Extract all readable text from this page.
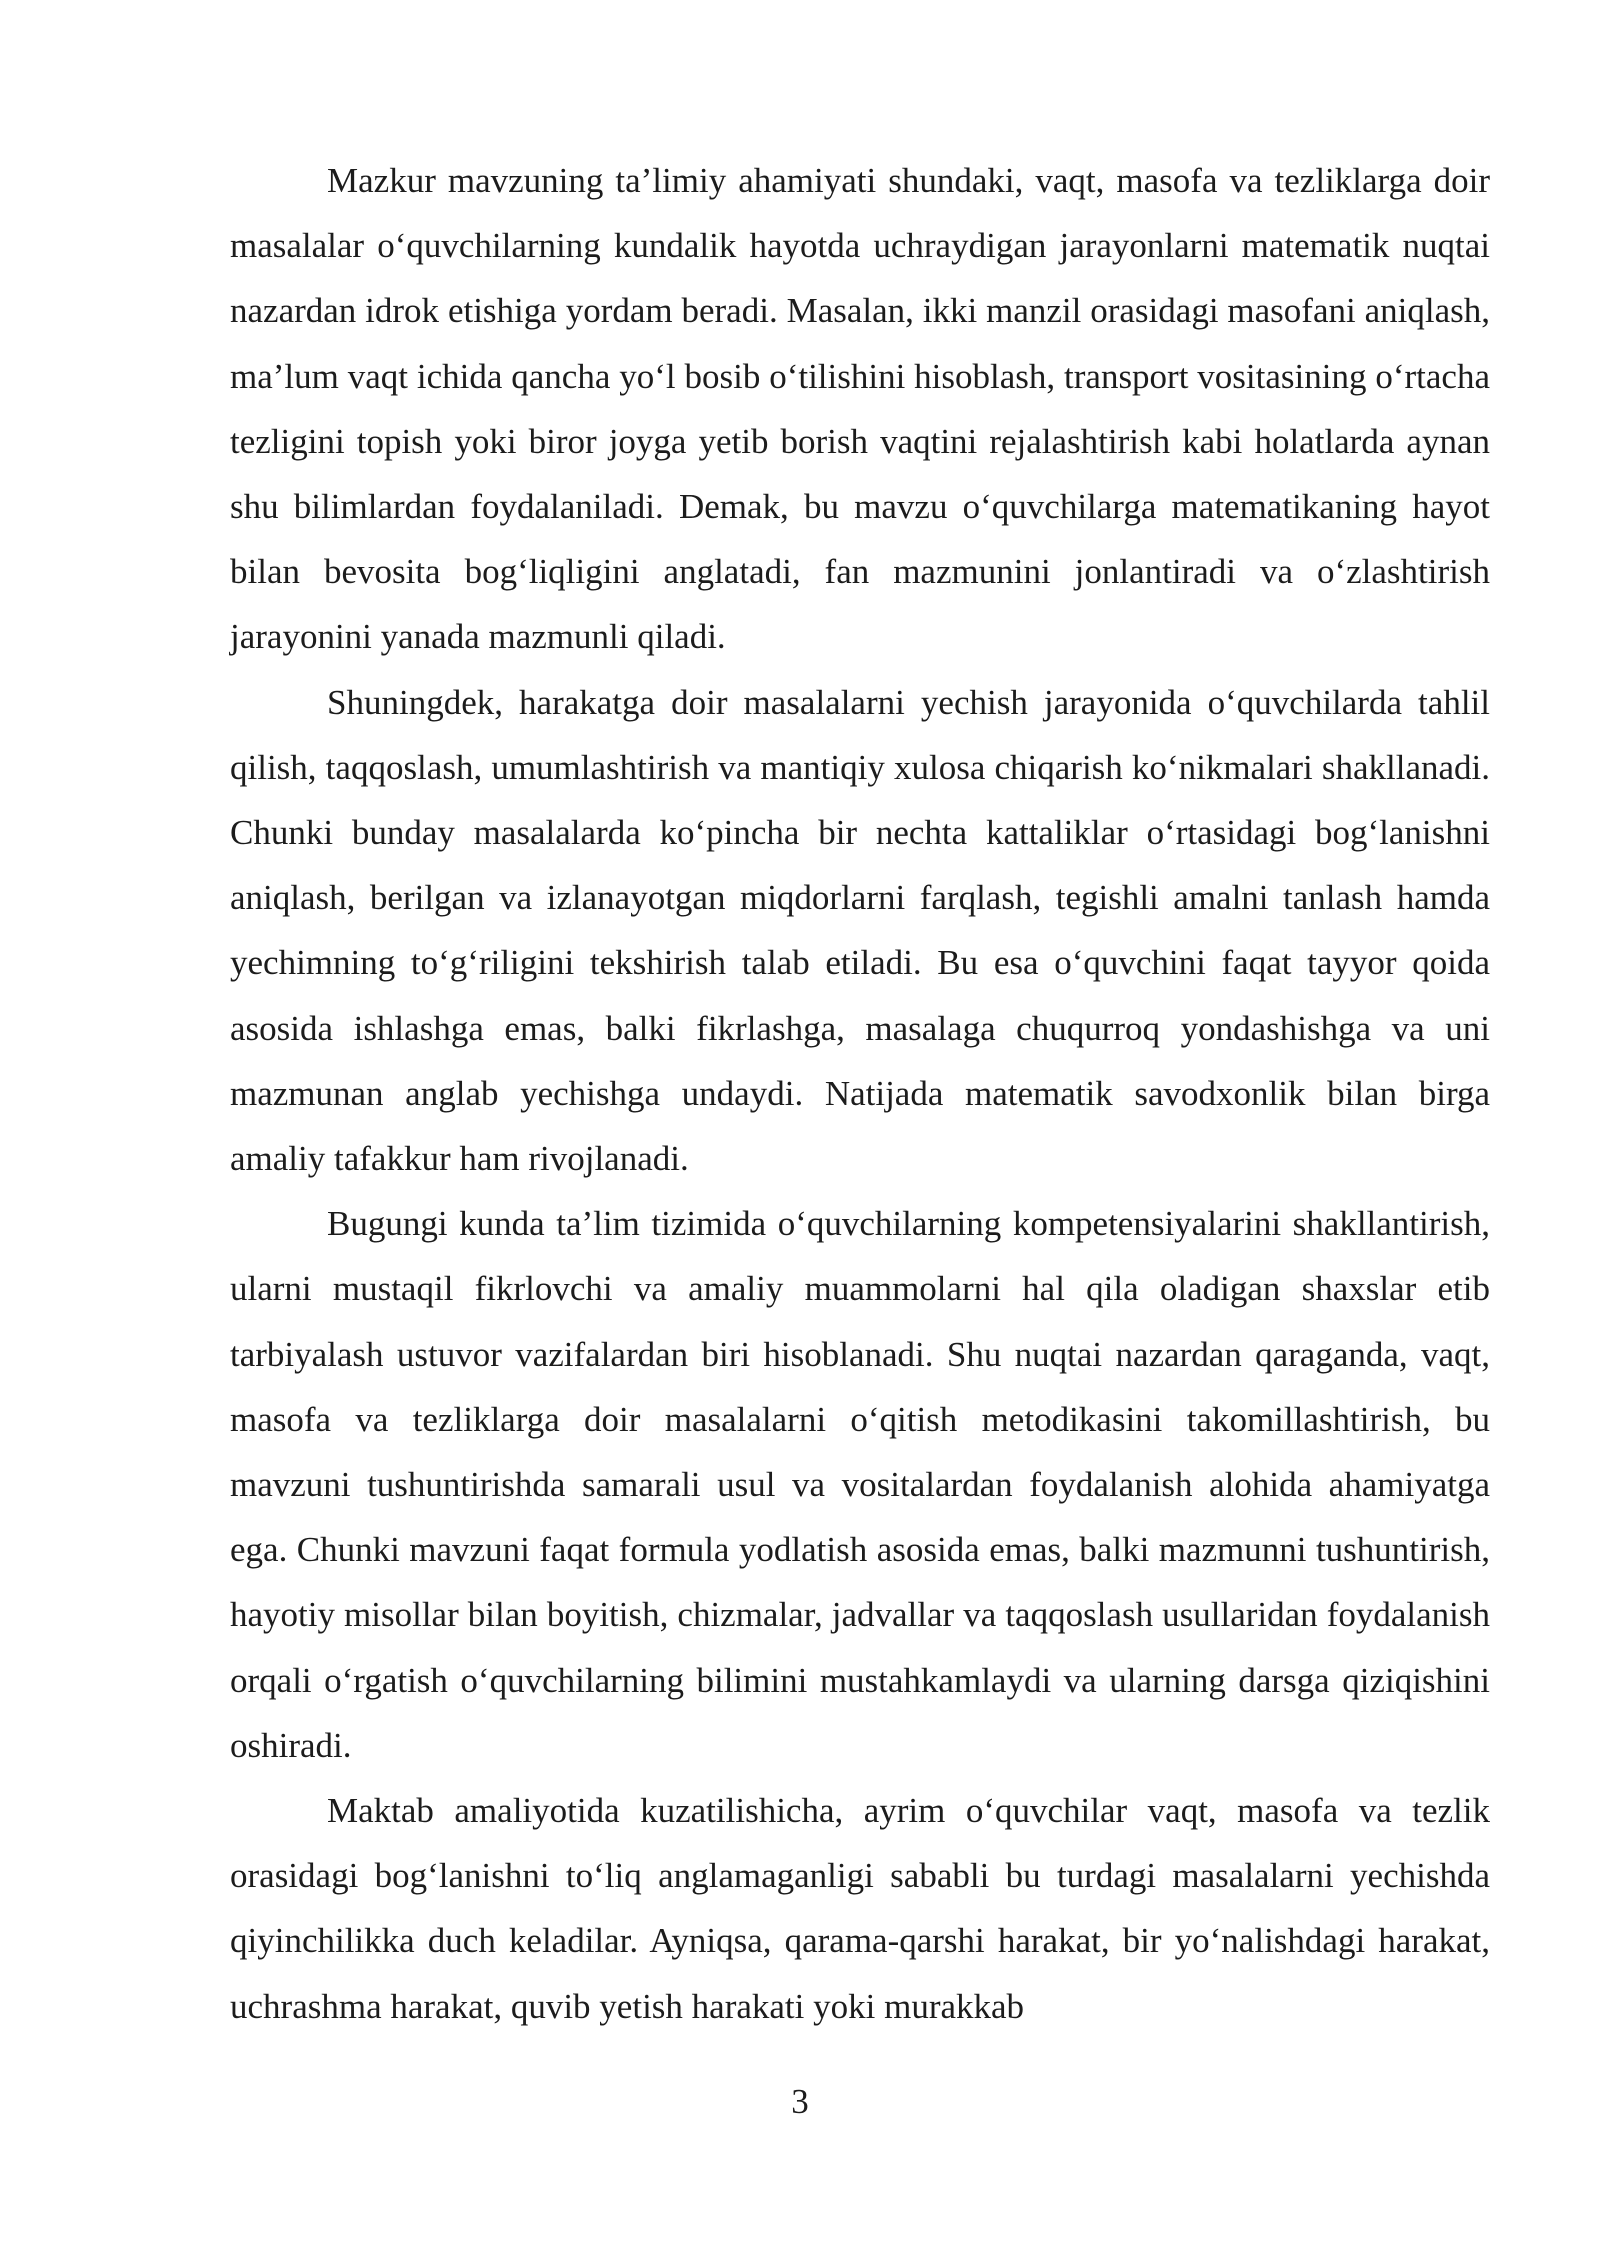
Mazkur mavzuning ta’limiy ahamiyati shundaki, vaqt, masofa va tezliklarga doir masalalar o‘quvchilarning kundalik hayotda uchraydigan jarayonlarni matematik nuqtai nazardan idrok etishiga yordam beradi. Masalan, ikki manzil orasidagi masofani aniqlash, ma’lum vaqt ichida qancha yo‘l bosib o‘tilishini hisoblash, transport vositasining o‘rtacha tezligini topish yoki biror joyga yetib borish vaqtini rejalashtirish kabi holatlarda aynan shu bilimlardan foydalaniladi. Demak, bu mavzu o‘quvchilarga matematikaning hayot bilan bevosita bog‘liqligini anglatadi, fan mazmunini jonlantiradi va o‘zlashtirish jarayonini yanada mazmunli qiladi.

Shuningdek, harakatga doir masalalarni yechish jarayonida o‘quvchilarda tahlil qilish, taqqoslash, umumlashtirish va mantiqiy xulosa chiqarish ko‘nikmalari shakllanadi. Chunki bunday masalalarda ko‘pincha bir nechta kattaliklar o‘rtasidagi bog‘lanishni aniqlash, berilgan va izlanayotgan miqdorlarni farqlash, tegishli amalni tanlash hamda yechimning to‘g‘riligini tekshirish talab etiladi. Bu esa o‘quvchini faqat tayyor qoida asosida ishlashga emas, balki fikrlashga, masalaga chuqurroq yondashishga va uni mazmunan anglab yechishga undaydi. Natijada matematik savodxonlik bilan birga amaliy tafakkur ham rivojlanadi.

Bugungi kunda ta’lim tizimida o‘quvchilarning kompetensiyalarini shakllantirish, ularni mustaqil fikrlovchi va amaliy muammolarni hal qila oladigan shaxslar etib tarbiyalash ustuvor vazifalardan biri hisoblanadi. Shu nuqtai nazardan qaraganda, vaqt, masofa va tezliklarga doir masalalarni o‘qitish metodikasini takomillashtirish, bu mavzuni tushuntirishda samarali usul va vositalardan foydalanish alohida ahamiyatga ega. Chunki mavzuni faqat formula yodlatish asosida emas, balki mazmunni tushuntirish, hayotiy misollar bilan boyitish, chizmalar, jadvallar va taqqoslash usullaridan foydalanish orqali o‘rgatish o‘quvchilarning bilimini mustahkamlaydi va ularning darsga qiziqishini oshiradi.

Maktab amaliyotida kuzatilishicha, ayrim o‘quvchilar vaqt, masofa va tezlik orasidagi bog‘lanishni to‘liq anglamaganligi sababli bu turdagi masalalarni yechishda qiyinchilikka duch keladilar. Ayniqsa, qarama-qarshi harakat, bir yo‘nalishdagi harakat, uchrashma harakat, quvib yetish harakati yoki murakkab

3
